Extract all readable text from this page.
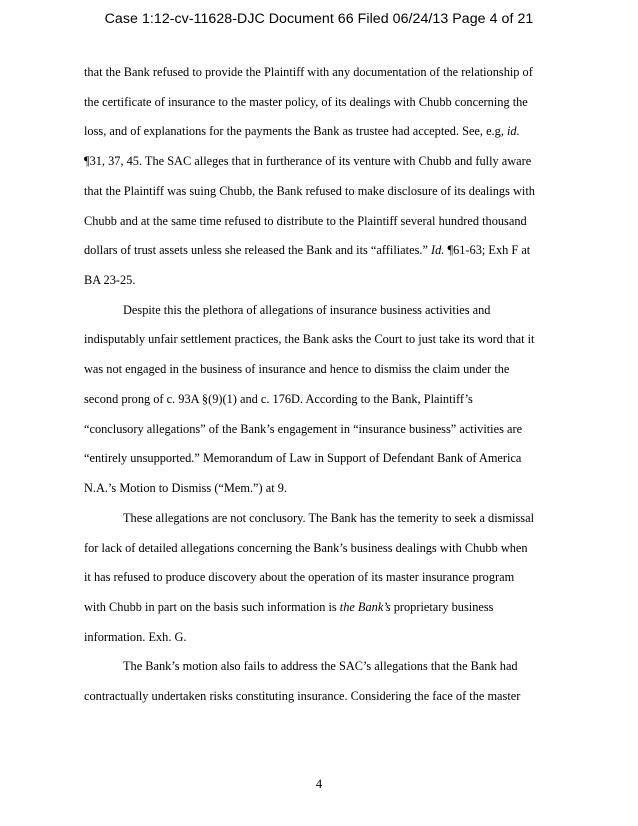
Case 1:12-cv-11628-DJC Document 66 Filed 06/24/13 Page 4 of 21
that the Bank refused to provide the Plaintiff with any documentation of the relationship of
the certificate of insurance to the master policy, of its dealings with Chubb concerning the
loss, and of explanations for the payments the Bank as trustee had accepted. See, e.g, id.
¶31, 37, 45. The SAC alleges that in furtherance of its venture with Chubb and fully aware
that the Plaintiff was suing Chubb, the Bank refused to make disclosure of its dealings with
Chubb and at the same time refused to distribute to the Plaintiff several hundred thousand
dollars of trust assets unless she released the Bank and its “affiliates.” Id. ¶61-63; Exh F at
BA 23-25.
Despite this the plethora of allegations of insurance business activities and
indisputably unfair settlement practices, the Bank asks the Court to just take its word that it
was not engaged in the business of insurance and hence to dismiss the claim under the
second prong of c. 93A §(9)(1) and c. 176D. According to the Bank, Plaintiff’s
“conclusory allegations” of the Bank’s engagement in “insurance business” activities are
“entirely unsupported.” Memorandum of Law in Support of Defendant Bank of America
N.A.’s Motion to Dismiss (“Mem.”) at 9.
These allegations are not conclusory. The Bank has the temerity to seek a dismissal
for lack of detailed allegations concerning the Bank’s business dealings with Chubb when
it has refused to produce discovery about the operation of its master insurance program
with Chubb in part on the basis such information is the Bank’s proprietary business
information. Exh. G.
The Bank’s motion also fails to address the SAC’s allegations that the Bank had
contractually undertaken risks constituting insurance. Considering the face of the master
4
